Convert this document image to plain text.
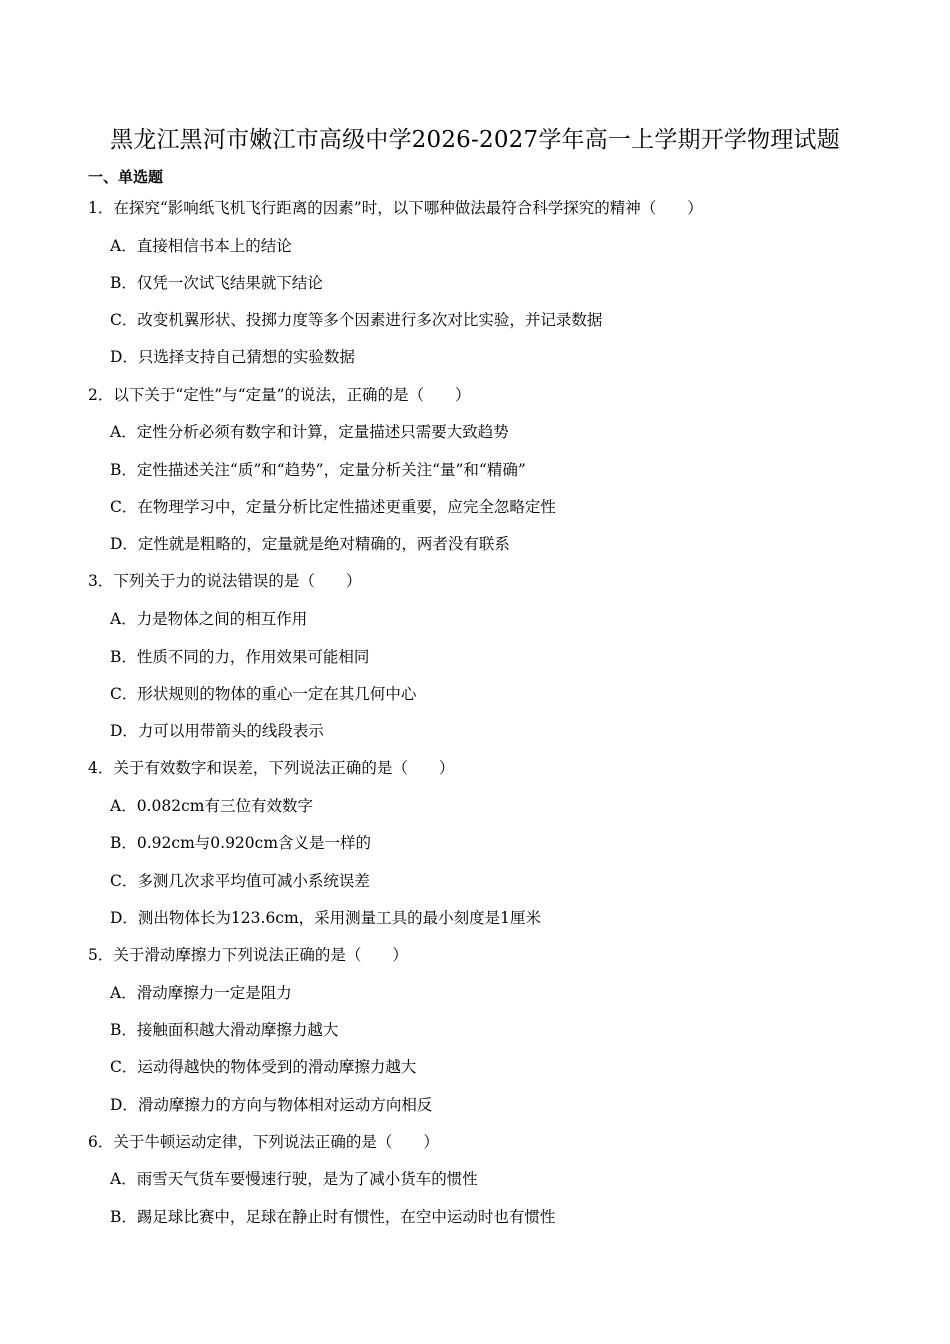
黑龙江黑河市嫩江市高级中学2026-2027学年高一上学期开学物理试题
一、单选题
1．在探究“影响纸飞机飞行距离的因素”时，以下哪种做法最符合科学探究的精神（　　）
A．直接相信书本上的结论
B．仅凭一次试飞结果就下结论
C．改变机翼形状、投掷力度等多个因素进行多次对比实验，并记录数据
D．只选择支持自己猜想的实验数据
2．以下关于“定性”与“定量”的说法，正确的是（　　）
A．定性分析必须有数字和计算，定量描述只需要大致趋势
B．定性描述关注“质”和“趋势”，定量分析关注“量”和“精确”
C．在物理学习中，定量分析比定性描述更重要，应完全忽略定性
D．定性就是粗略的，定量就是绝对精确的，两者没有联系
3．下列关于力的说法错误的是（　　）
A．力是物体之间的相互作用
B．性质不同的力，作用效果可能相同
C．形状规则的物体的重心一定在其几何中心
D．力可以用带箭头的线段表示
4．关于有效数字和误差，下列说法正确的是（　　）
A．0.082cm有三位有效数字
B．0.92cm与0.920cm含义是一样的
C．多测几次求平均值可减小系统误差
D．测出物体长为123.6cm，采用测量工具的最小刻度是1厘米
5．关于滑动摩擦力下列说法正确的是（　　）
A．滑动摩擦力一定是阻力
B．接触面积越大滑动摩擦力越大
C．运动得越快的物体受到的滑动摩擦力越大
D．滑动摩擦力的方向与物体相对运动方向相反
6．关于牛顿运动定律，下列说法正确的是（　　）
A．雨雪天气货车要慢速行驶，是为了减小货车的惯性
B．踢足球比赛中，足球在静止时有惯性，在空中运动时也有惯性
